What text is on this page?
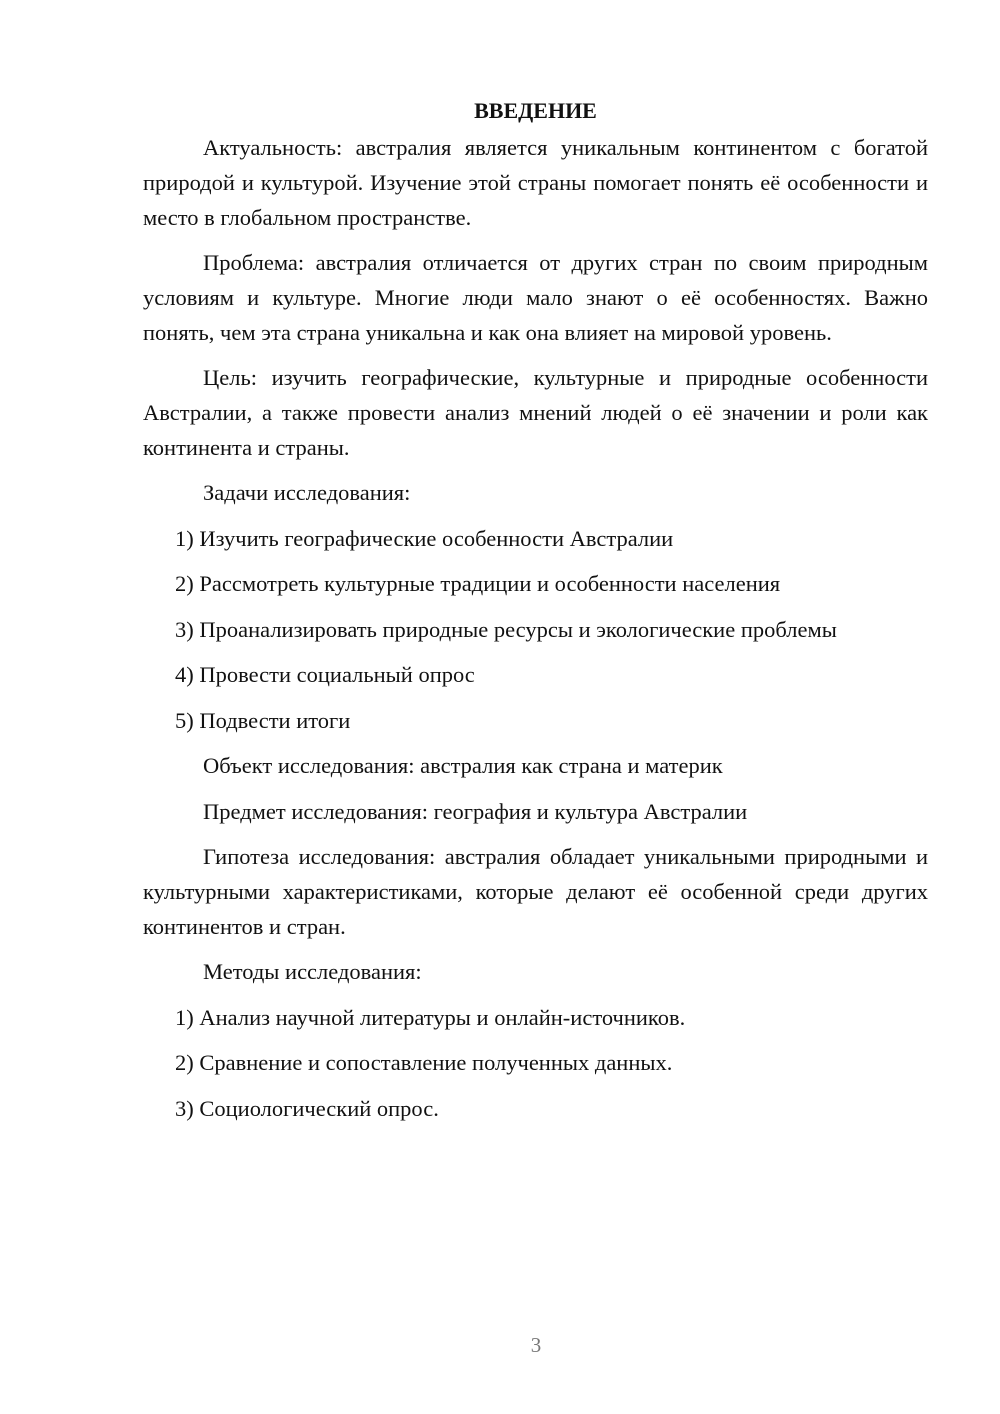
ВВЕДЕНИЕ

Актуальность: австралия является уникальным континентом с богатой природой и культурой. Изучение этой страны помогает понять её особенности и место в глобальном пространстве.

Проблема: австралия отличается от других стран по своим природным условиям и культуре. Многие люди мало знают о её особенностях. Важно понять, чем эта страна уникальна и как она влияет на мировой уровень.

Цель: изучить географические, культурные и природные особенности Австралии, а также провести анализ мнений людей о её значении и роли как континента и страны.

Задачи исследования:
1) Изучить географические особенности Австралии
2) Рассмотреть культурные традиции и особенности населения
3) Проанализировать природные ресурсы и экологические проблемы
4) Провести социальный опрос
5) Подвести итоги
Объект исследования: австралия как страна и материк
Предмет исследования: география и культура Австралии

Гипотеза исследования: австралия обладает уникальными природными и культурными характеристиками, которые делают её особенной среди других континентов и стран.

Методы исследования:
1) Анализ научной литературы и онлайн-источников.
2) Сравнение и сопоставление полученных данных.
3) Социологический опрос.
3
